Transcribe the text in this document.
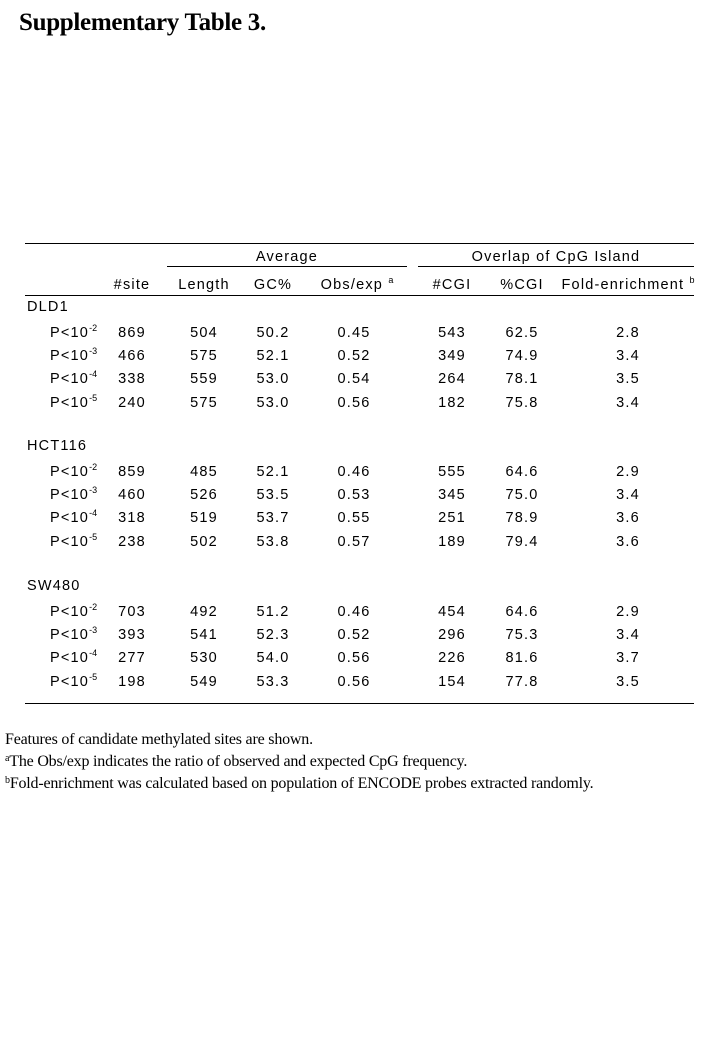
Supplementary Table 3.
Average	Overlap of CpG Island
#site Length GC% Obs/exp $^a$	#CGI %CGI Fold-enrichment $^b$
DLD1
$P<10^{-2}$ 869	504	50.2	0.45	543	62.5	2.8
$P<10^{-3}$ 466	575	52.1	0.52	349	74.9	3.4
$P<10^{-4}$ 338	559	53.0	0.54	264	78.1	3.5
$P<10^{-5}$ 240	575	53.0	0.56	182	75.8	3.4
HCT116
$P<10^{-2}$ 859	485	52.1	0.46	555	64.6	2.9
$P<10^{-3}$ 460	526	53.5	0.53	345	75.0	3.4
$P<10^{-4}$ 318	519	53.7	0.55	251	78.9	3.6
$P<10^{-5}$ 238	502	53.8	0.57	189	79.4	3.6
SW480
$P<10^{-2}$ 703	492	51.2	0.46	454	64.6	2.9
$P<10^{-3}$ 393	541	52.3	0.52	296	75.3	3.4
$P<10^{-4}$ 277	530	54.0	0.56	226	81.6	3.7
$P<10^{-5}$ 198	549	53.3	0.56	154	77.8	3.5
Features of candidate methylated sites are shown.
$^a$The Obs/exp indicates the ratio of observed and expected CpG frequency.
$^b$Fold-enrichment was calculated based on population of ENCODE probes extracted randomly.
